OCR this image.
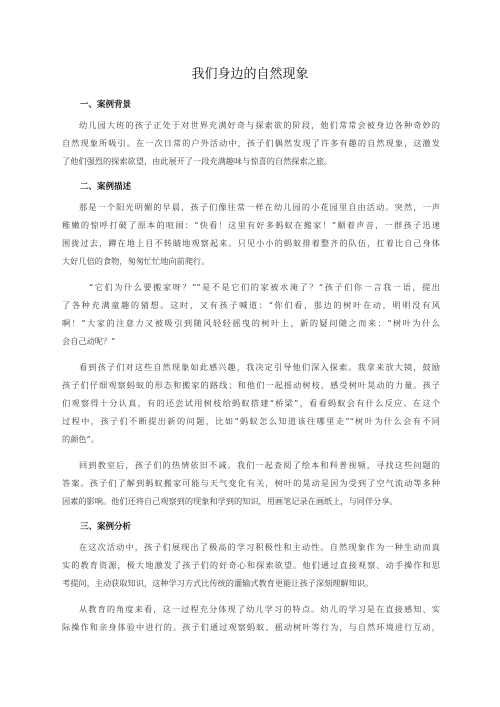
我们身边的自然现象
一、案例背景
幼儿园大班的孩子正处于对世界充满好奇与探索欲的阶段，他们常常会被身边各种奇妙的
自然现象所吸引。在一次日常的户外活动中，孩子们偶然发现了许多有趣的自然现象，这激发
了他们强烈的探索欲望，由此展开了一段充满趣味与惊喜的自然探索之旅。
二、案例描述
那是一个阳光明媚的早晨，孩子们像往常一样在幼儿园的小花园里自由活动。突然，一声
稚嫩的惊呼打破了原本的喧闹：“快看！这里有好多蚂蚁在搬家！”顺着声音，一群孩子迅速
围拢过去，蹲在地上目不转睛地观察起来。只见小小的蚂蚁排着整齐的队伍，扛着比自己身体
大好几倍的食物，匆匆忙忙地向前爬行。
“它们为什么要搬家呀？”“是不是它们的家被水淹了？”孩子们你一言我一语，提出
了各种充满童趣的猜想。这时，又有孩子喊道：“你们看，那边的树叶在动，明明没有风
啊！”大家的注意力又被吸引到随风轻轻摇曳的树叶上，新的疑问随之而来：“树叶为什么
会自己动呢？”
看到孩子们对这些自然现象如此感兴趣，我决定引导他们深入探索。我拿来放大镜，鼓励
孩子们仔细观察蚂蚁的形态和搬家的路线；和他们一起摇动树枝，感受树叶晃动的力量。孩子
们观察得十分认真，有的还尝试用树枝给蚂蚁搭建“桥梁”，看看蚂蚁会有什么反应。在这个
过程中，孩子们不断提出新的问题，比如“蚂蚁怎么知道该往哪里走”“树叶为什么会有不同
的颜色”。
回到教室后，孩子们的热情依旧不减。我们一起查阅了绘本和科普视频，寻找这些问题的
答案。孩子们了解到蚂蚁搬家可能与天气变化有关，树叶的晃动是因为受到了空气流动等多种
因素的影响。他们还将自己观察到的现象和学到的知识，用画笔记录在画纸上，与同伴分享。
三、案例分析
在这次活动中，孩子们展现出了极高的学习积极性和主动性。自然现象作为一种生动而真
实的教育资源，极大地激发了孩子们的好奇心和探索欲望。他们通过直接观察、动手操作和思
考提问，主动获取知识，这种学习方式比传统的灌输式教育更能让孩子深刻理解知识。
从教育的角度来看，这一过程充分体现了幼儿学习的特点。幼儿的学习是在直接感知、实
际操作和亲身体验中进行的。孩子们通过观察蚂蚁、摇动树叶等行为，与自然环境进行互动，
